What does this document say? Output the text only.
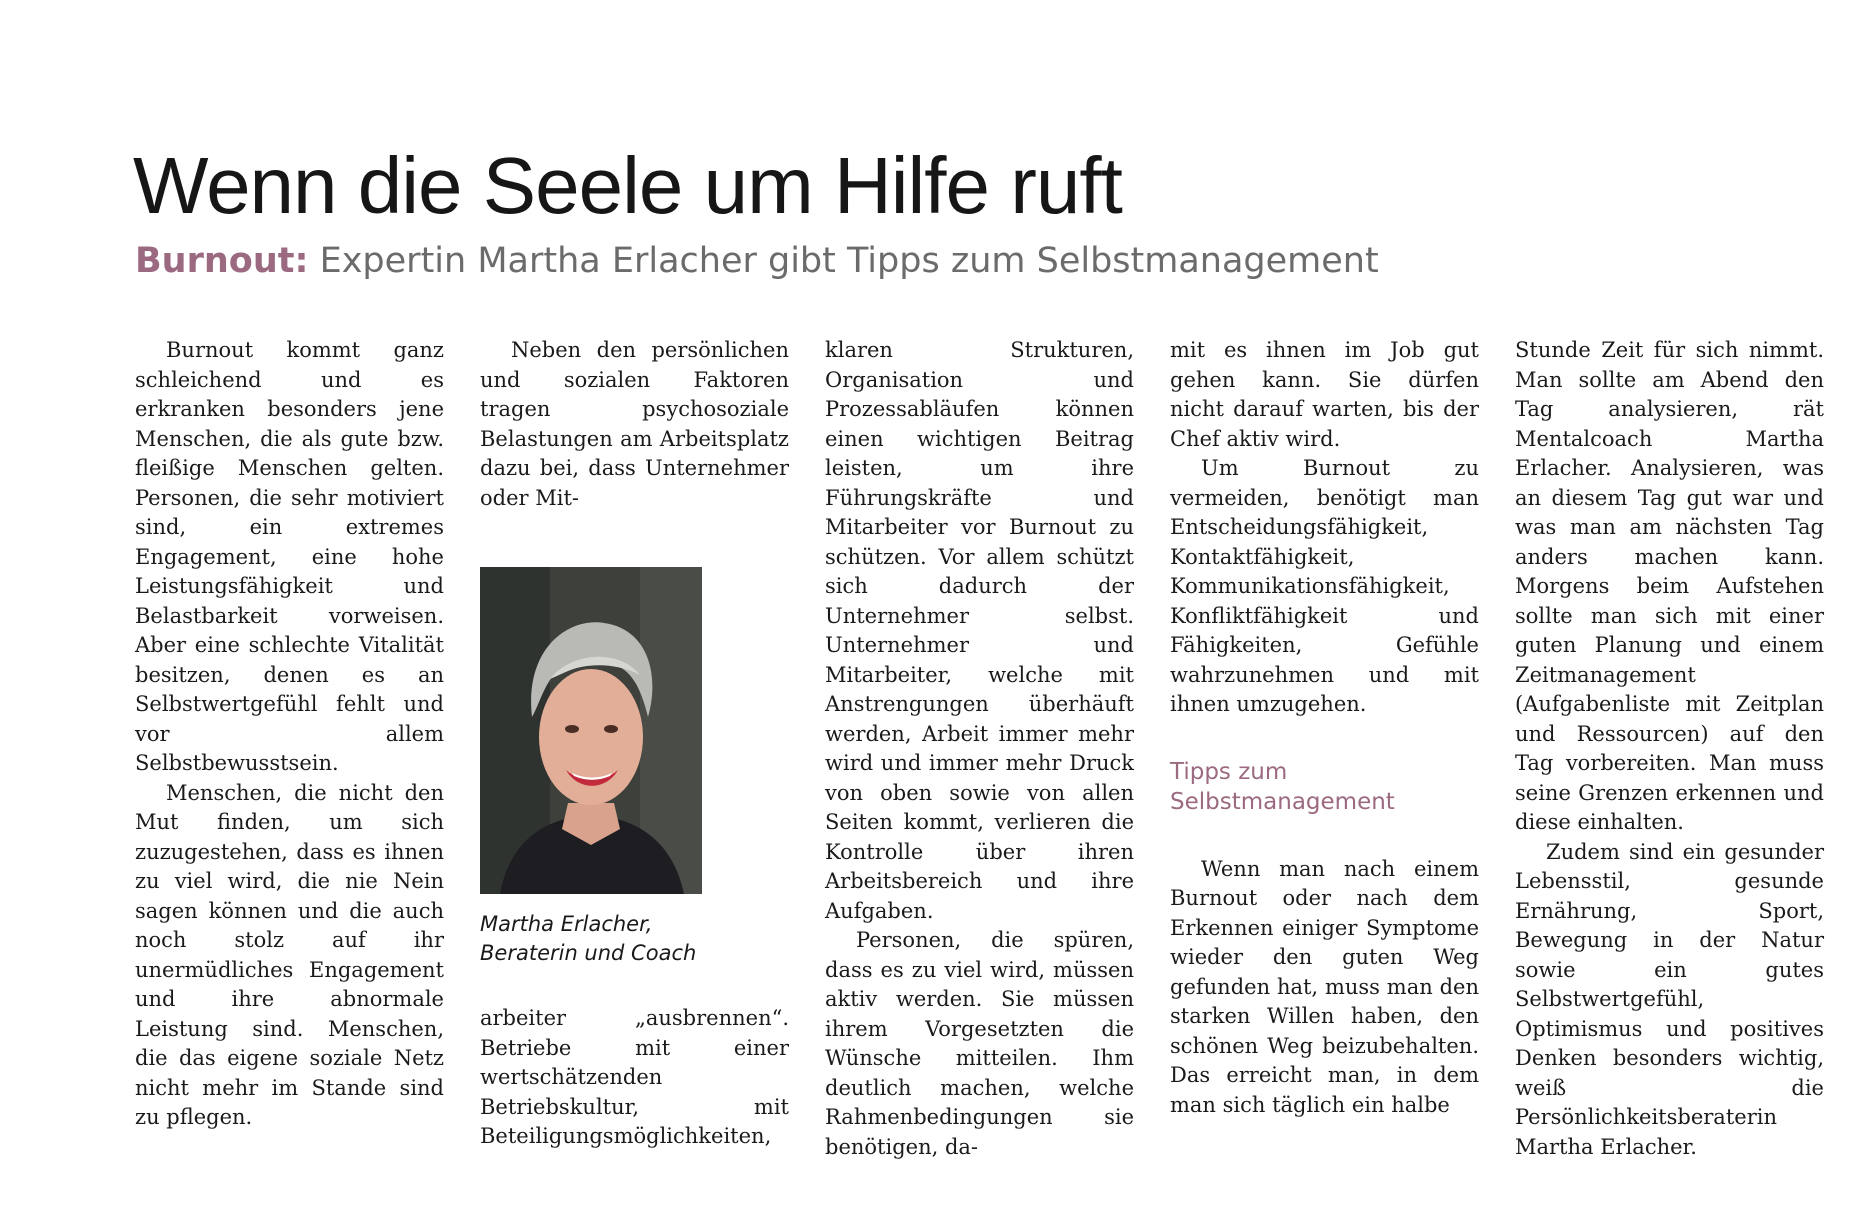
Wenn die Seele um Hilfe ruft
Burnout: Expertin Martha Erlacher gibt Tipps zum Selbstmanagement

Burnout kommt ganz schleichend und es erkranken besonders jene Menschen, die als gute bzw. fleißige Menschen gelten. Personen, die sehr motiviert sind, ein extremes Engagement, eine hohe Leistungsfähigkeit und Belastbarkeit vorweisen. Aber eine schlechte Vitalität besitzen, denen es an Selbstwertgefühl fehlt und vor allem Selbstbewusstsein.

Menschen, die nicht den Mut finden, um sich zuzugestehen, dass es ihnen zu viel wird, die nie Nein sagen können und die auch noch stolz auf ihr unermüdliches Engagement und ihre abnormale Leistung sind. Menschen, die das eigene soziale Netz nicht mehr im Stande sind zu pflegen.

Neben den persönlichen und sozialen Faktoren tragen psychosoziale Belastungen am Arbeitsplatz dazu bei, dass Unternehmer oder Mit-

Martha Erlacher,
Beraterin und Coach

arbeiter „ausbrennen“. Betriebe mit einer wertschätzenden Betriebskultur, mit Beteiligungsmöglichkeiten,

klaren Strukturen, Organisation und Prozessabläufen können einen wichtigen Beitrag leisten, um ihre Führungskräfte und Mitarbeiter vor Burnout zu schützen. Vor allem schützt sich dadurch der Unternehmer selbst. Unternehmer und Mitarbeiter, welche mit Anstrengungen überhäuft werden, Arbeit immer mehr wird und immer mehr Druck von oben sowie von allen Seiten kommt, verlieren die Kontrolle über ihren Arbeitsbereich und ihre Aufgaben.

Personen, die spüren, dass es zu viel wird, müssen aktiv werden. Sie müssen ihrem Vorgesetzten die Wünsche mitteilen. Ihm deutlich machen, welche Rahmenbedingungen sie benötigen, da-

mit es ihnen im Job gut gehen kann. Sie dürfen nicht darauf warten, bis der Chef aktiv wird.

Um Burnout zu vermeiden, benötigt man Entscheidungsfähigkeit, Kontaktfähigkeit, Kommunikationsfähigkeit, Konfliktfähigkeit und Fähigkeiten, Gefühle wahrzunehmen und mit ihnen umzugehen.

Tipps zum
Selbstmanagement

Wenn man nach einem Burnout oder nach dem Erkennen einiger Symptome wieder den guten Weg gefunden hat, muss man den starken Willen haben, den schönen Weg beizubehalten. Das erreicht man, in dem man sich täglich ein halbe

Stunde Zeit für sich nimmt. Man sollte am Abend den Tag analysieren, rät Mentalcoach Martha Erlacher. Analysieren, was an diesem Tag gut war und was man am nächsten Tag anders machen kann. Morgens beim Aufstehen sollte man sich mit einer guten Planung und einem Zeitmanagement (Aufgabenliste mit Zeitplan und Ressourcen) auf den Tag vorbereiten. Man muss seine Grenzen erkennen und diese einhalten.

Zudem sind ein gesunder Lebensstil, gesunde Ernährung, Sport, Bewegung in der Natur sowie ein gutes Selbstwertgefühl, Optimismus und positives Denken besonders wichtig, weiß die Persönlichkeitsberaterin Martha Erlacher.
